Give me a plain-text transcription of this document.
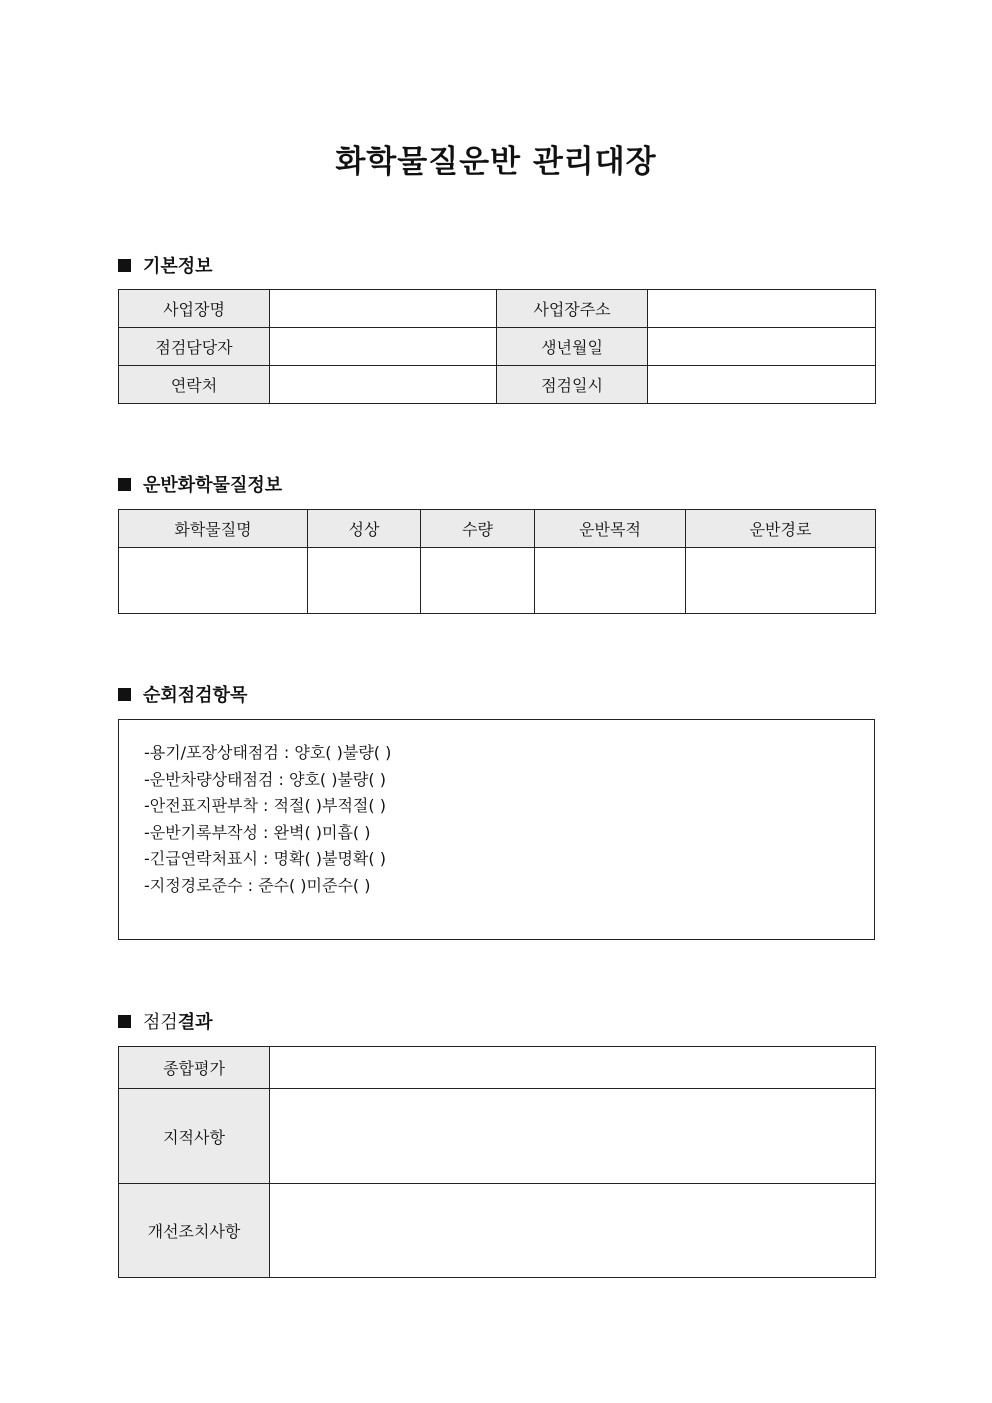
화학물질운반 관리대장
기본정보
사업장명		사업장주소	
점검담당자		생년월일	
연락처		점검일시	
운반화학물질정보
화학물질명	성상	수량	운반목적	운반경로

순회점검항목
-용기/포장상태점검 : 양호( )불량( )
-운반차량상태점검 : 양호( )불량( )
-안전표지판부착 : 적절( )부적절( )
-운반기록부작성 : 완벽( )미흡( )
-긴급연락처표시 : 명확( )불명확( )
-지정경로준수 : 준수( )미준수( )
점검 결과
종합평가	
지적사항	
개선조치사항	
